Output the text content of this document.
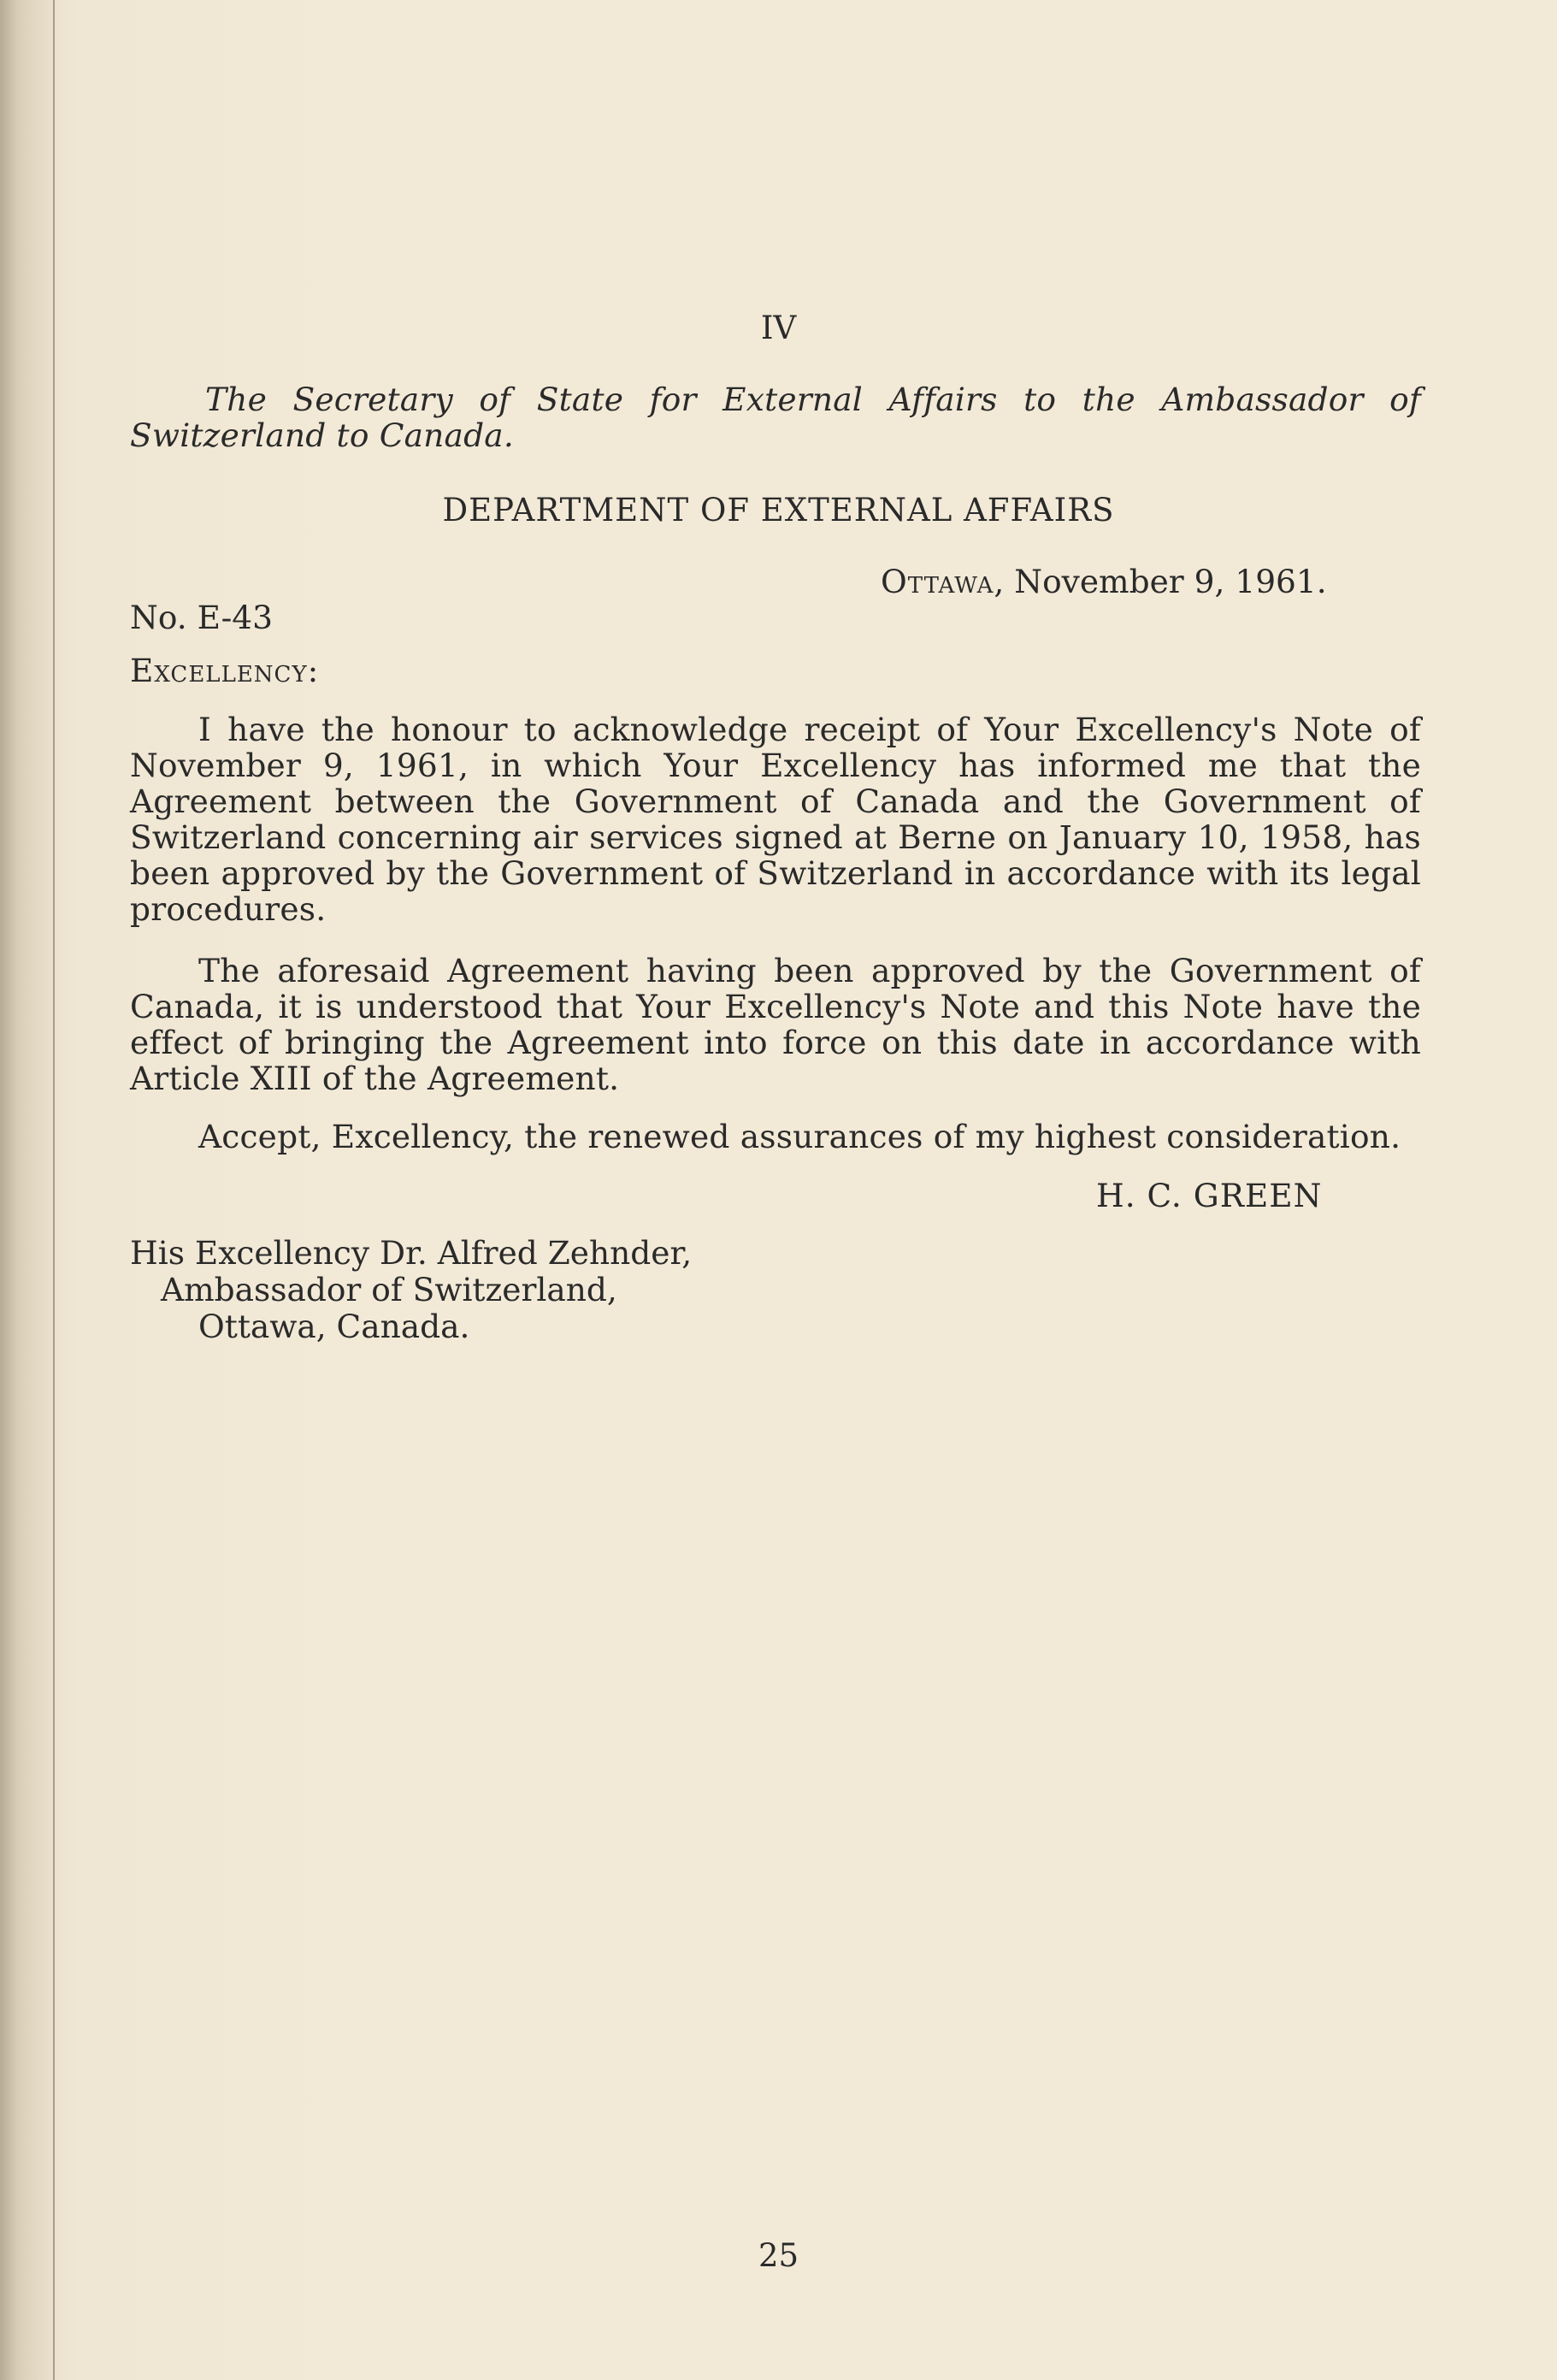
IV
The Secretary of State for External Affairs to the Ambassador of Switzerland to Canada.
DEPARTMENT OF EXTERNAL AFFAIRS
Ottawa, November 9, 1961.
No. E-43
Excellency:
I have the honour to acknowledge receipt of Your Excellency's Note of November 9, 1961, in which Your Excellency has informed me that the Agreement between the Government of Canada and the Government of Switzerland concerning air services signed at Berne on January 10, 1958, has been approved by the Government of Switzerland in accordance with its legal procedures.
The aforesaid Agreement having been approved by the Government of Canada, it is understood that Your Excellency's Note and this Note have the effect of bringing the Agreement into force on this date in accordance with Article XIII of the Agreement.
Accept, Excellency, the renewed assurances of my highest consideration.
H. C. GREEN
His Excellency Dr. Alfred Zehnder,
Ambassador of Switzerland,
Ottawa, Canada.
25
